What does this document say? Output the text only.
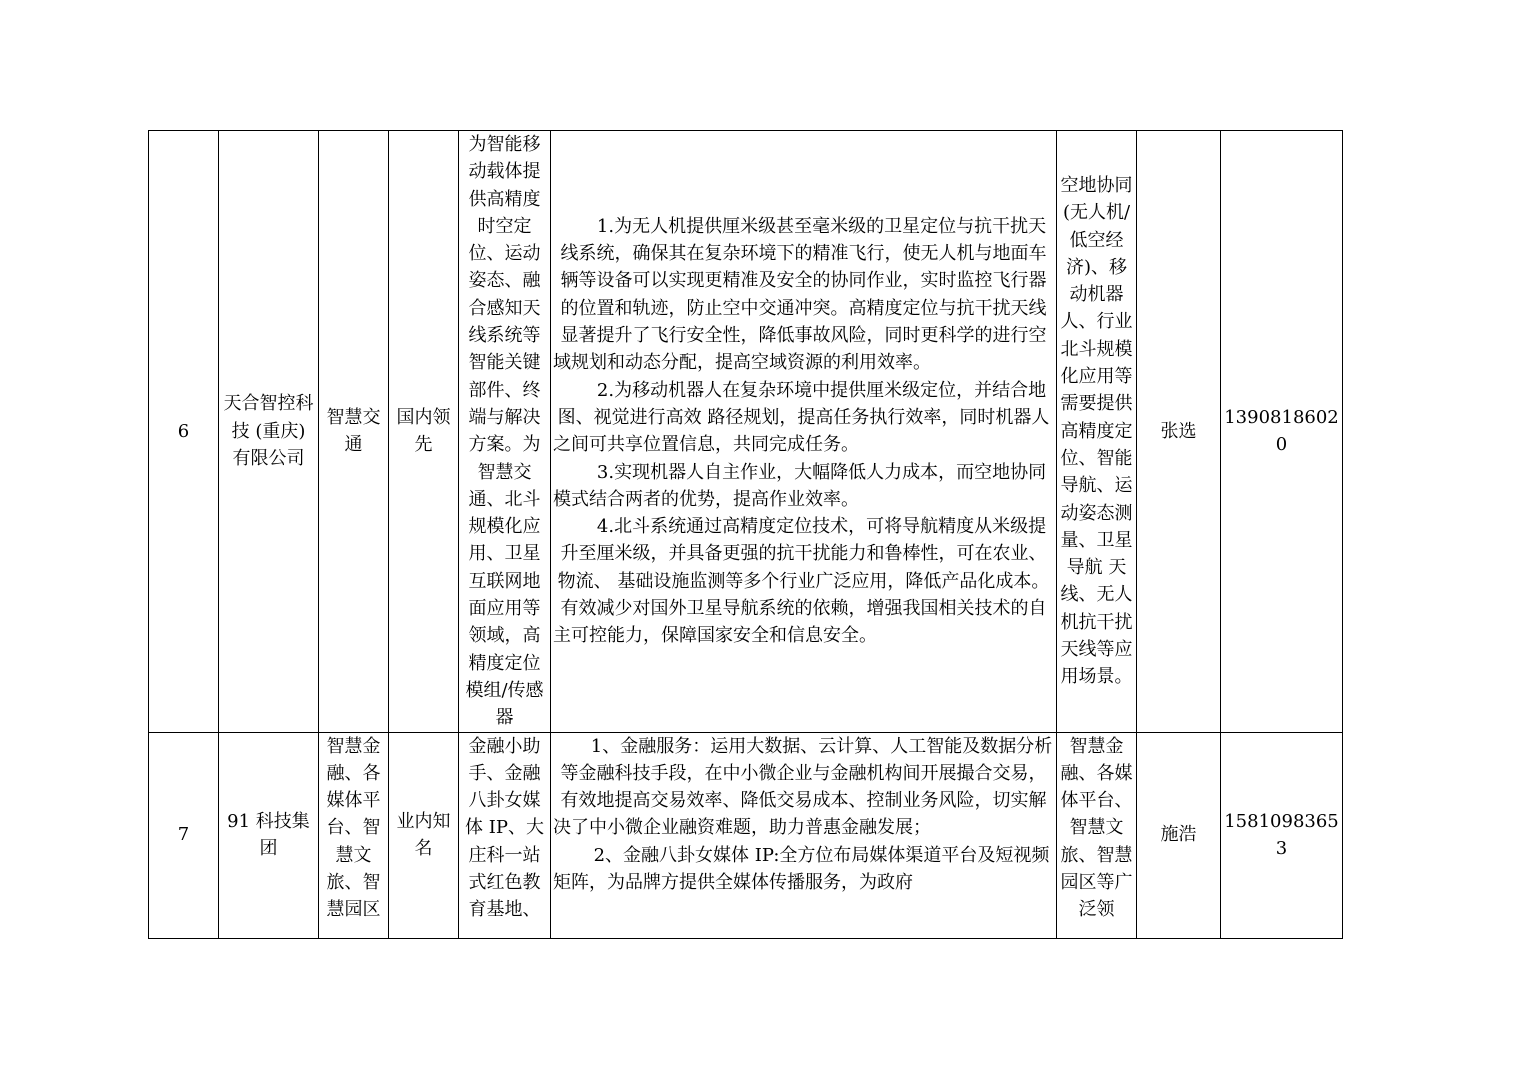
6	天合智控科技 (重庆) 有限公司	智慧交通	国内领先	为智能移动载体提供高精度时空定位、运动姿态、融合感知天线系统等智能关键部件、终端与解决方案。为智慧交通、北斗规模化应用、卫星互联网地面应用等领域，高精度定位模组/传感器	1.为无人机提供厘米级甚至毫米级的卫星定位与抗干扰天线系统，确保其在复杂环境下的精准飞行，使无人机与地面车辆等设备可以实现更精准及安全的协同作业，实时监控飞行器的位置和轨迹，防止空中交通冲突。高精度定位与抗干扰天线显著提升了飞行安全性，降低事故风险，同时更科学的进行空域规划和动态分配，提高空域资源的利用效率。

2.为移动机器人在复杂环境中提供厘米级定位，并结合地图、视觉进行高效 路径规划，提高任务执行效率，同时机器人之间可共享位置信息，共同完成任务。

3.实现机器人自主作业，大幅降低人力成本，而空地协同模式结合两者的优势，提高作业效率。

4.北斗系统通过高精度定位技术，可将导航精度从米级提升至厘米级，并具备更强的抗干扰能力和鲁棒性，可在农业、物流、 基础设施监测等多个行业广泛应用，降低产品化成本。有效减少对国外卫星导航系统的依赖，增强我国相关技术的自主可控能力，保障国家安全和信息安全。	空地协同(无人机/低空经济)、移动机器人、行业北斗规模化应用等需要提供高精度定位、智能导航、运动姿态测量、卫星导航 天线、无人机抗干扰天线等应用场景。	张选	13908186020
7	91 科技集团	智慧金融、各媒体平台、智慧文旅、智慧园区	业内知名	金融小助手、金融八卦女媒体 IP、大庄科一站式红色教育基地、	1、金融服务：运用大数据、云计算、人工智能及数据分析等金融科技手段，在中小微企业与金融机构间开展撮合交易，有效地提高交易效率、降低交易成本、控制业务风险，切实解决了中小微企业融资难题，助力普惠金融发展；

2、金融八卦女媒体 IP:全方位布局媒体渠道平台及短视频矩阵，为品牌方提供全媒体传播服务，为政府	智慧金融、各媒体平台、智慧文旅、智慧园区等广泛领	施浩	15810983653
